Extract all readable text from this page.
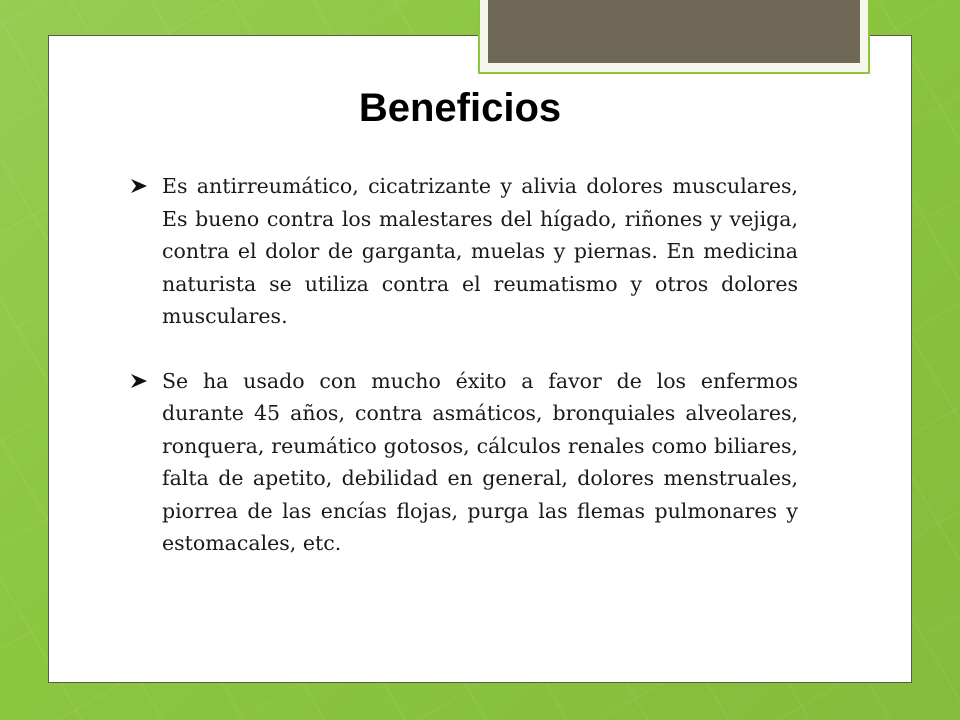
Beneficios
Es antirreumático, cicatrizante y alivia dolores musculares, Es bueno contra los malestares del hígado, riñones y vejiga, contra el dolor de garganta, muelas y piernas. En medicina naturista se utiliza contra el reumatismo y otros dolores musculares.
Se ha usado con mucho éxito a favor de los enfermos durante 45 años, contra asmáticos, bronquiales alveolares, ronquera, reumático gotosos, cálculos renales como biliares, falta de apetito, debilidad en general, dolores menstruales, piorrea de las encías flojas, purga las flemas pulmonares y estomacales, etc.
